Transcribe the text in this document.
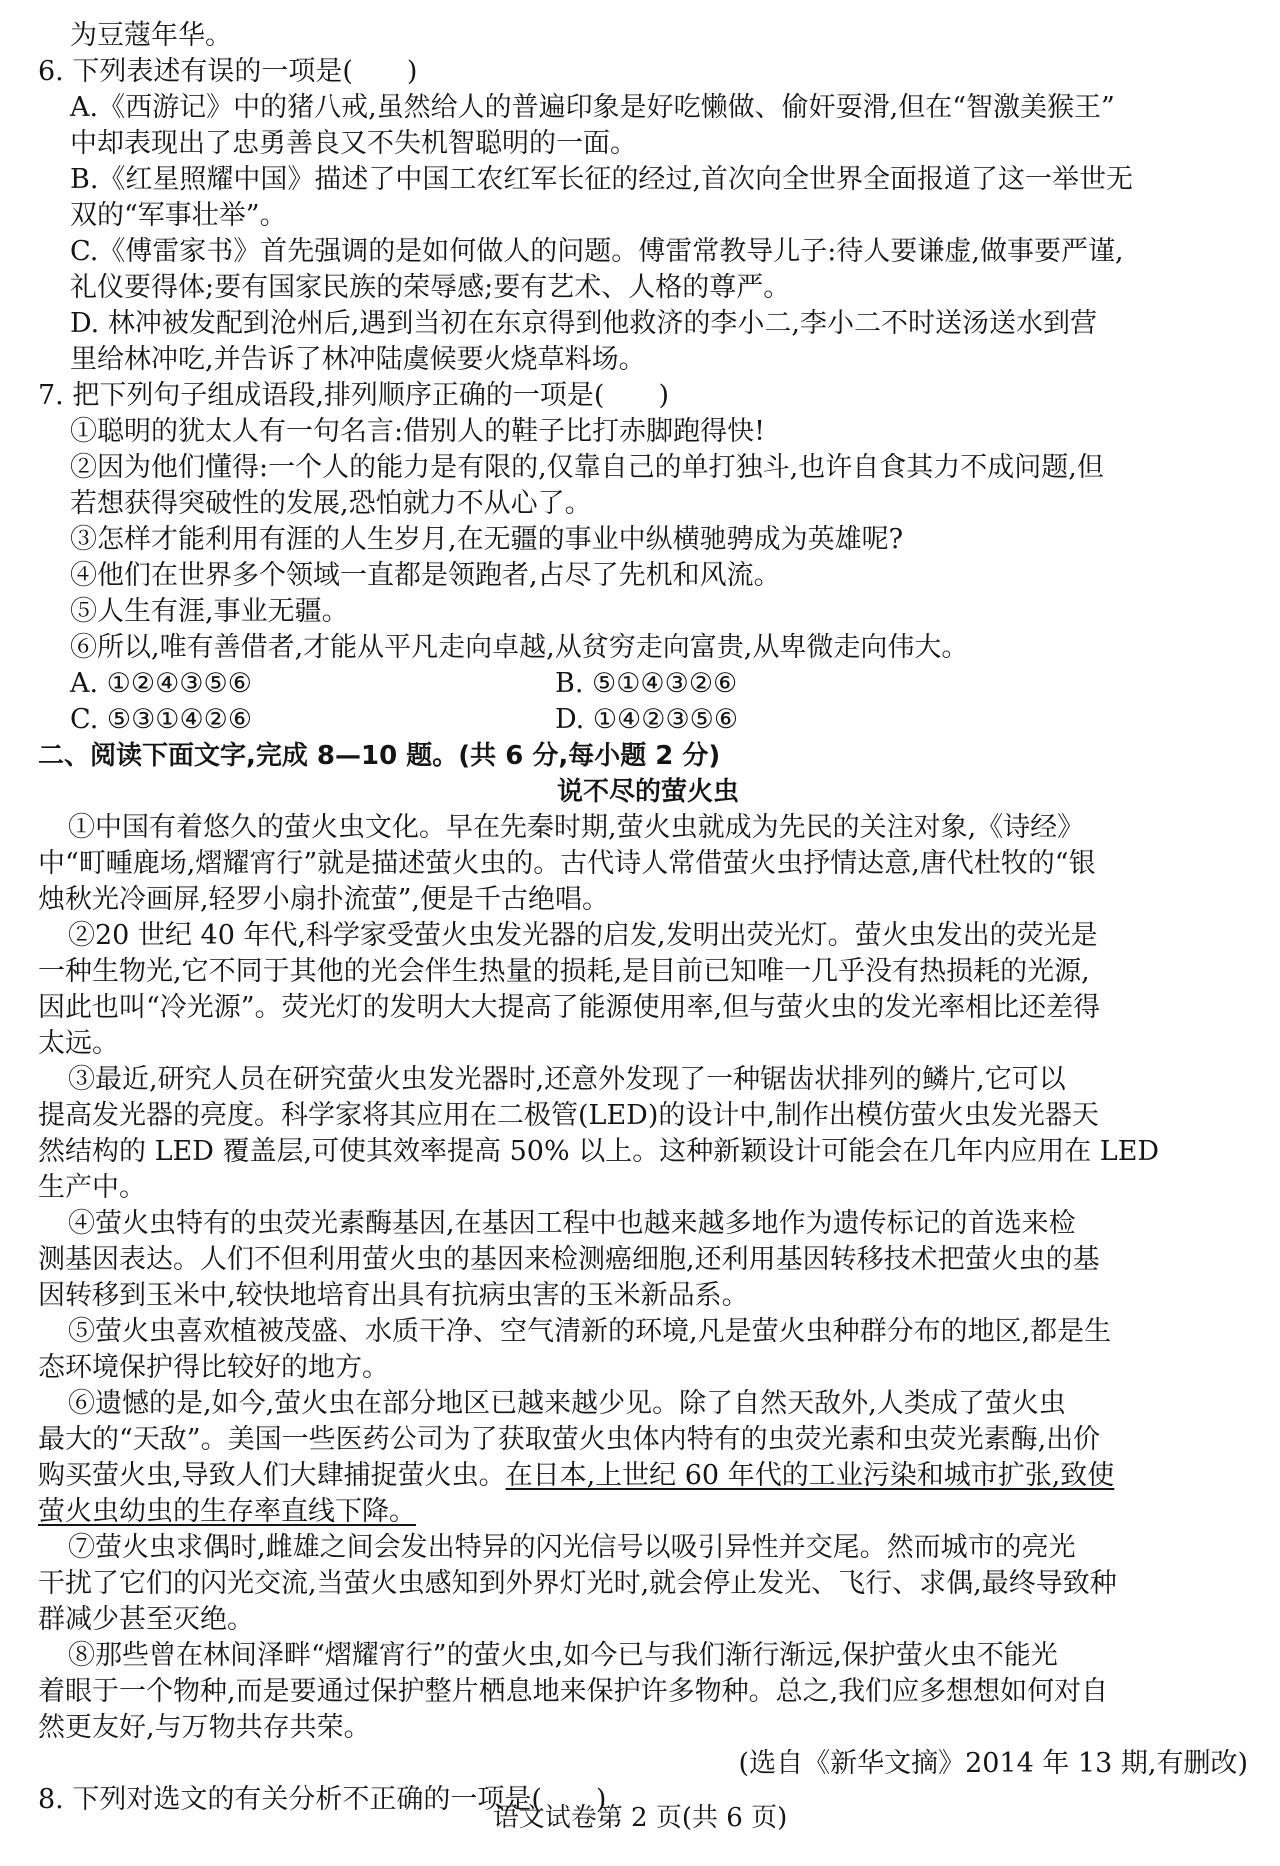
为豆蔻年华。
6. 下列表述有误的一项是(　　)
A.《西游记》中的猪八戒,虽然给人的普遍印象是好吃懒做、偷奸耍滑,但在“智激美猴王”
中却表现出了忠勇善良又不失机智聪明的一面。
B.《红星照耀中国》描述了中国工农红军长征的经过,首次向全世界全面报道了这一举世无
双的“军事壮举”。
C.《傅雷家书》首先强调的是如何做人的问题。傅雷常教导儿子:待人要谦虚,做事要严谨,
礼仪要得体;要有国家民族的荣辱感;要有艺术、人格的尊严。
D. 林冲被发配到沧州后,遇到当初在东京得到他救济的李小二,李小二不时送汤送水到营
里给林冲吃,并告诉了林冲陆虞候要火烧草料场。
7. 把下列句子组成语段,排列顺序正确的一项是(　　)
①聪明的犹太人有一句名言:借别人的鞋子比打赤脚跑得快!
②因为他们懂得:一个人的能力是有限的,仅靠自己的单打独斗,也许自食其力不成问题,但
若想获得突破性的发展,恐怕就力不从心了。
③怎样才能利用有涯的人生岁月,在无疆的事业中纵横驰骋成为英雄呢?
④他们在世界多个领域一直都是领跑者,占尽了先机和风流。
⑤人生有涯,事业无疆。
⑥所以,唯有善借者,才能从平凡走向卓越,从贫穷走向富贵,从卑微走向伟大。
A. ①②④③⑤⑥	B. ⑤①④③②⑥
C. ⑤③①④②⑥	D. ①④②③⑤⑥
二、阅读下面文字,完成 8—10 题。(共 6 分,每小题 2 分)
说不尽的萤火虫
①中国有着悠久的萤火虫文化。早在先秦时期,萤火虫就成为先民的关注对象,《诗经》
中“町畽鹿场,熠耀宵行”就是描述萤火虫的。古代诗人常借萤火虫抒情达意,唐代杜牧的“银
烛秋光冷画屏,轻罗小扇扑流萤”,便是千古绝唱。
②20 世纪 40 年代,科学家受萤火虫发光器的启发,发明出荧光灯。萤火虫发出的荧光是
一种生物光,它不同于其他的光会伴生热量的损耗,是目前已知唯一几乎没有热损耗的光源,
因此也叫“冷光源”。荧光灯的发明大大提高了能源使用率,但与萤火虫的发光率相比还差得
太远。
③最近,研究人员在研究萤火虫发光器时,还意外发现了一种锯齿状排列的鳞片,它可以
提高发光器的亮度。科学家将其应用在二极管(LED)的设计中,制作出模仿萤火虫发光器天
然结构的 LED 覆盖层,可使其效率提高 50% 以上。这种新颖设计可能会在几年内应用在 LED
生产中。
④萤火虫特有的虫荧光素酶基因,在基因工程中也越来越多地作为遗传标记的首选来检
测基因表达。人们不但利用萤火虫的基因来检测癌细胞,还利用基因转移技术把萤火虫的基
因转移到玉米中,较快地培育出具有抗病虫害的玉米新品系。
⑤萤火虫喜欢植被茂盛、水质干净、空气清新的环境,凡是萤火虫种群分布的地区,都是生
态环境保护得比较好的地方。
⑥遗憾的是,如今,萤火虫在部分地区已越来越少见。除了自然天敌外,人类成了萤火虫
最大的“天敌”。美国一些医药公司为了获取萤火虫体内特有的虫荧光素和虫荧光素酶,出价
购买萤火虫,导致人们大肆捕捉萤火虫。在日本,上世纪 60 年代的工业污染和城市扩张,致使
萤火虫幼虫的生存率直线下降。
⑦萤火虫求偶时,雌雄之间会发出特异的闪光信号以吸引异性并交尾。然而城市的亮光
干扰了它们的闪光交流,当萤火虫感知到外界灯光时,就会停止发光、飞行、求偶,最终导致种
群减少甚至灭绝。
⑧那些曾在林间泽畔“熠耀宵行”的萤火虫,如今已与我们渐行渐远,保护萤火虫不能光
着眼于一个物种,而是要通过保护整片栖息地来保护许多物种。总之,我们应多想想如何对自
然更友好,与万物共存共荣。
(选自《新华文摘》2014 年 13 期,有删改)
8. 下列对选文的有关分析不正确的一项是(　　)
语文试卷第 2 页(共 6 页)
